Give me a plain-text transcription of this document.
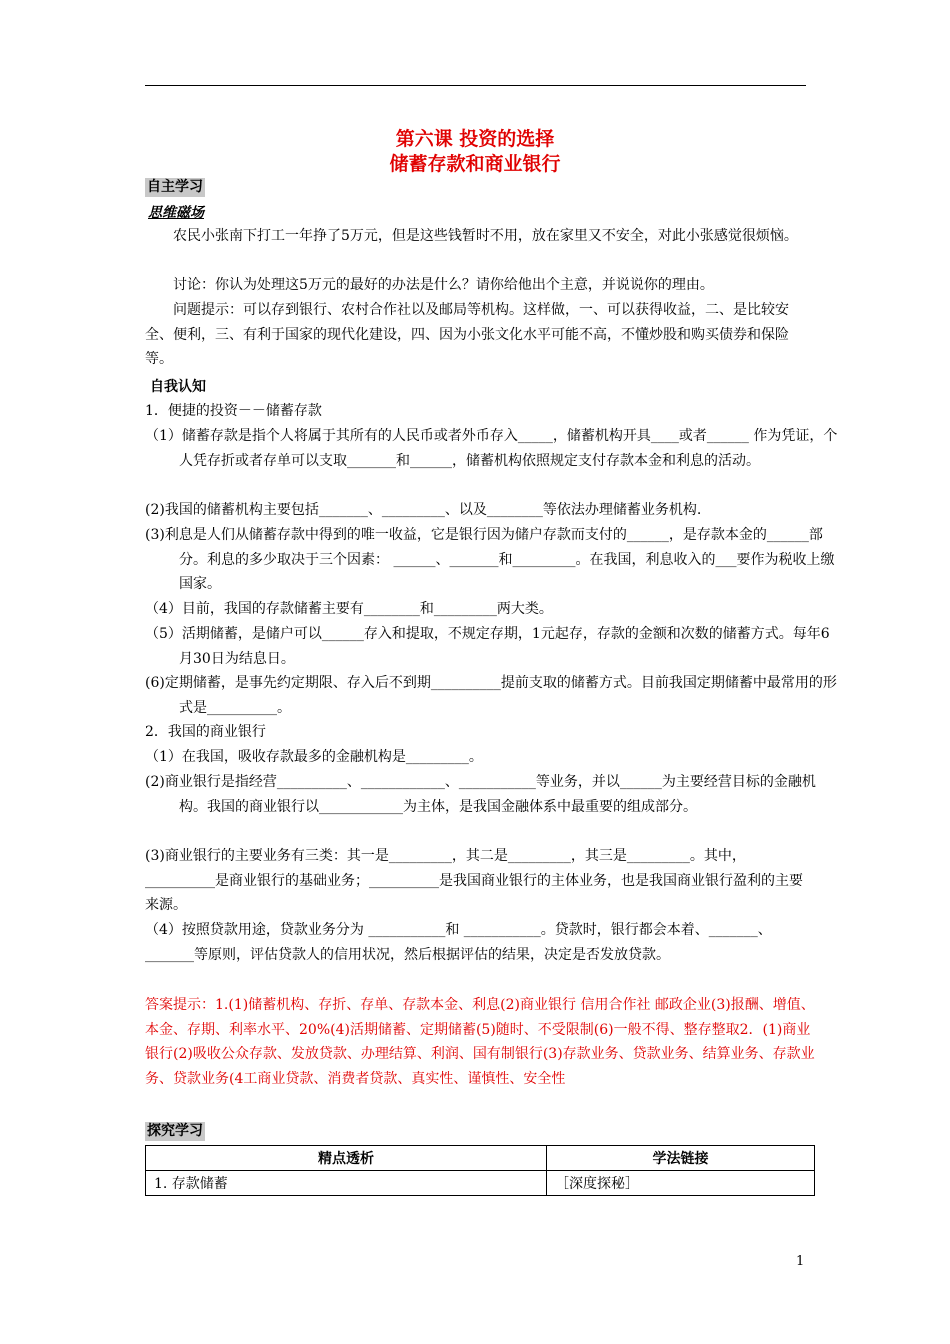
第六课 投资的选择
储蓄存款和商业银行
自主学习
思维磁场
农民小张南下打工一年挣了5万元，但是这些钱暂时不用，放在家里又不安全，对此小张感觉很烦恼。
讨论：你认为处理这5万元的最好的办法是什么？请你给他出个主意，并说说你的理由。
问题提示：可以存到银行、农村合作社以及邮局等机构。这样做，一、可以获得收益，二、是比较安全、便利，三、有利于国家的现代化建设，四、因为小张文化水平可能不高，不懂炒股和购买债券和保险等。
自我认知
1．便捷的投资－－储蓄存款
（1）储蓄存款是指个人将属于其所有的人民币或者外币存入_____，储蓄机构开具____或者______ 作为凭证，个人凭存折或者存单可以支取_______和______，储蓄机构依照规定支付存款本金和利息的活动。
(2)我国的储蓄机构主要包括_______、_________、以及________等依法办理储蓄业务机构.
(3)利息是人们从储蓄存款中得到的唯一收益，它是银行因为储户存款而支付的______，是存款本金的______部分。利息的多少取决于三个因素： ______、_______和_________。在我国，利息收入的___要作为税收上缴国家。
（4）目前，我国的存款储蓄主要有________和_________两大类。
（5）活期储蓄，是储户可以______存入和提取，不规定存期，1元起存，存款的金额和次数的储蓄方式。每年6月30日为结息日。
(6)定期储蓄，是事先约定期限、存入后不到期__________提前支取的储蓄方式。目前我国定期储蓄中最常用的形式是__________。
2．我国的商业银行
（1）在我国，吸收存款最多的金融机构是_________。
(2)商业银行是指经营__________、____________、___________等业务，并以______为主要经营目标的金融机构。我国的商业银行以____________为主体，是我国金融体系中最重要的组成部分。
(3)商业银行的主要业务有三类：其一是_________，其二是_________，其三是_________。其中，__________是商业银行的基础业务；__________是我国商业银行的主体业务，也是我国商业银行盈利的主要来源。
（4）按照贷款用途，贷款业务分为 ___________和 ___________。贷款时，银行都会本着、_______、_______等原则，评估贷款人的信用状况，然后根据评估的结果，决定是否发放贷款。
答案提示：1.(1)储蓄机构、存折、存单、存款本金、利息(2)商业银行 信用合作社 邮政企业(3)报酬、增值、本金、存期、利率水平、20%(4)活期储蓄、定期储蓄(5)随时、不受限制(6)一般不得、整存整取2．(1)商业银行(2)吸收公众存款、发放贷款、办理结算、利润、国有制银行(3)存款业务、贷款业务、结算业务、存款业务、贷款业务(4工商业贷款、消费者贷款、真实性、谨慎性、安全性
探究学习
精点透析	学法链接
1. 存款储蓄	［深度探秘］
1
